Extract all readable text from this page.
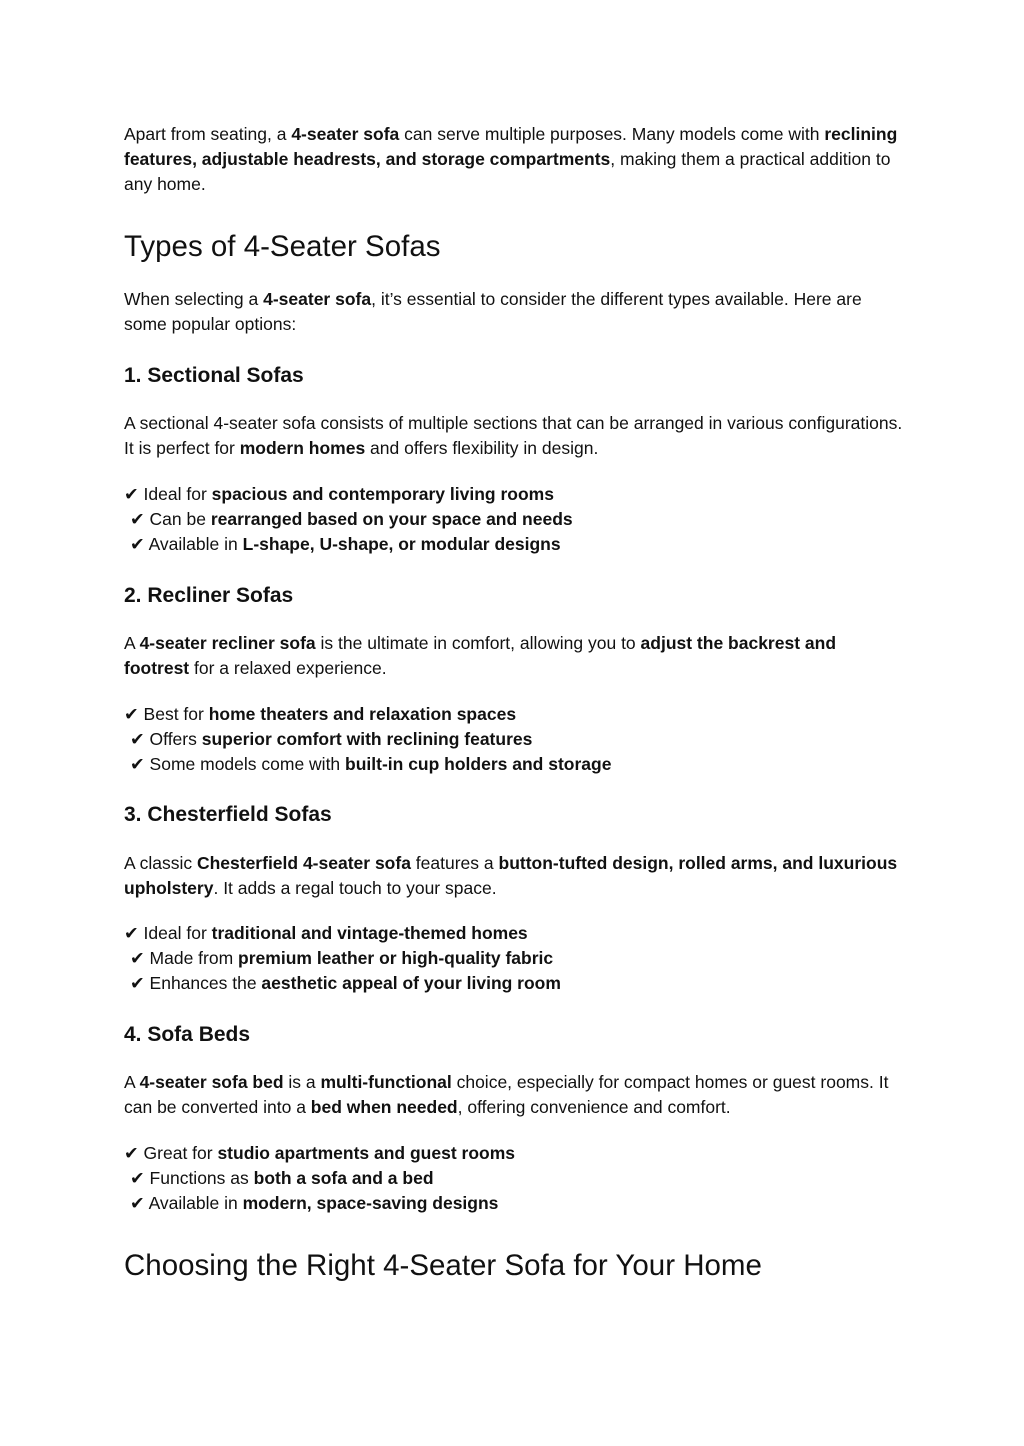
Apart from seating, a 4-seater sofa can serve multiple purposes. Many models come with reclining features, adjustable headrests, and storage compartments, making them a practical addition to any home.

Types of 4-Seater Sofas

When selecting a 4-seater sofa, it’s essential to consider the different types available. Here are some popular options:

1. Sectional Sofas

A sectional 4-seater sofa consists of multiple sections that can be arranged in various configurations. It is perfect for modern homes and offers flexibility in design.

✔ Ideal for spacious and contemporary living rooms
✔ Can be rearranged based on your space and needs
✔ Available in L-shape, U-shape, or modular designs
2. Recliner Sofas

A 4-seater recliner sofa is the ultimate in comfort, allowing you to adjust the backrest and footrest for a relaxed experience.

✔ Best for home theaters and relaxation spaces
✔ Offers superior comfort with reclining features
✔ Some models come with built-in cup holders and storage
3. Chesterfield Sofas

A classic Chesterfield 4-seater sofa features a button-tufted design, rolled arms, and luxurious upholstery. It adds a regal touch to your space.

✔ Ideal for traditional and vintage-themed homes
✔ Made from premium leather or high-quality fabric
✔ Enhances the aesthetic appeal of your living room
4. Sofa Beds

A 4-seater sofa bed is a multi-functional choice, especially for compact homes or guest rooms. It can be converted into a bed when needed, offering convenience and comfort.

✔ Great for studio apartments and guest rooms
✔ Functions as both a sofa and a bed
✔ Available in modern, space-saving designs
Choosing the Right 4-Seater Sofa for Your Home
